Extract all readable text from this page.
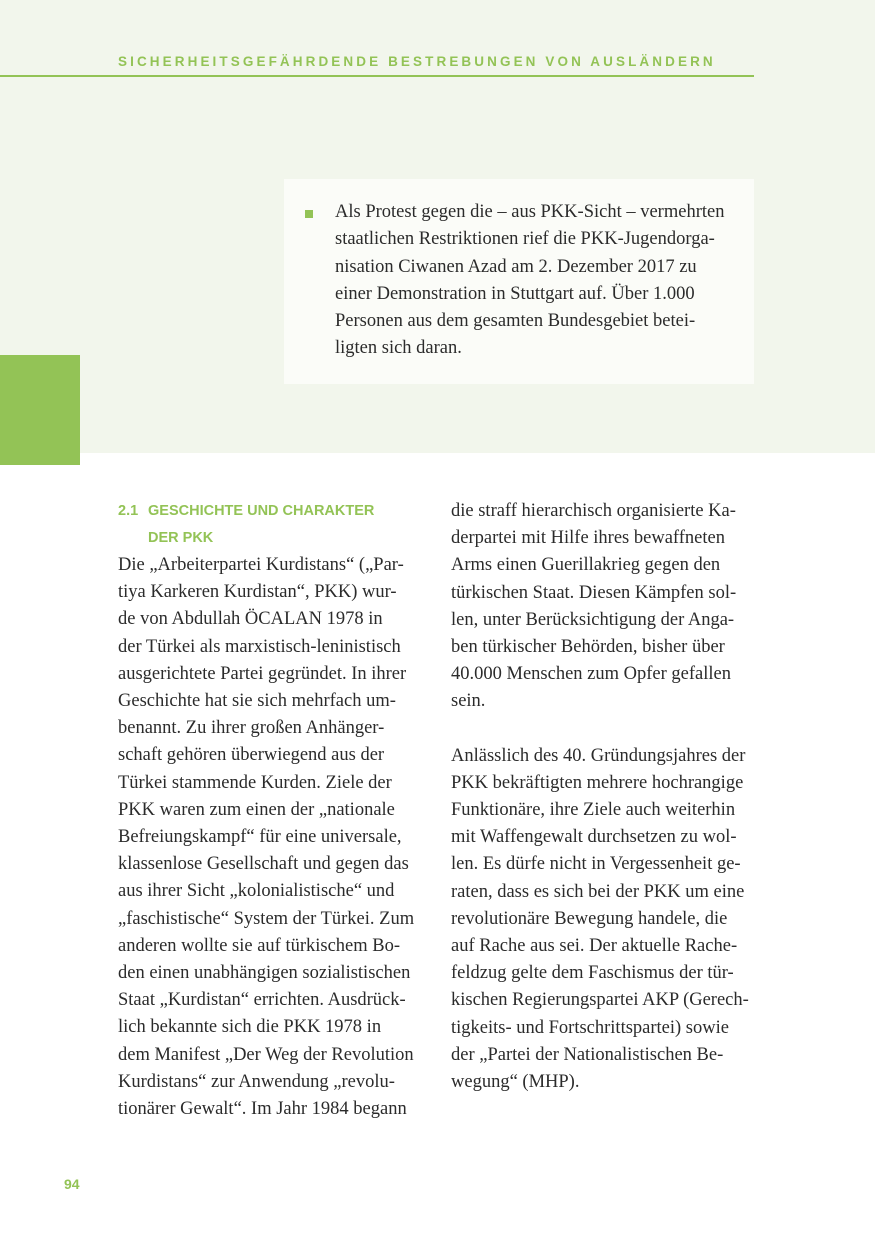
SICHERHEITSGEFÄHRDENDE BESTREBUNGEN VON AUSLÄNDERN

Als Protest gegen die – aus PKK-Sicht – vermehrten
staatlichen Restriktionen rief die PKK-Jugendorga-
nisation Ciwanen Azad am 2. Dezember 2017 zu
einer Demonstration in Stuttgart auf. Über 1.000
Personen aus dem gesamten Bundesgebiet betei-
ligten sich daran.

2.1 GESCHICHTE UND CHARAKTER
DER PKK

Die „Arbeiterpartei Kurdistans“ („Par-
tiya Karkeren Kurdistan“, PKK) wur-
de von Abdullah ÖCALAN 1978 in
der Türkei als marxistisch-leninistisch
ausgerichtete Partei gegründet. In ihrer
Geschichte hat sie sich mehrfach um-
benannt. Zu ihrer großen Anhänger-
schaft gehören überwiegend aus der
Türkei stammende Kurden. Ziele der
PKK waren zum einen der „nationale
Befreiungskampf“ für eine universale,
klassenlose Gesellschaft und gegen das
aus ihrer Sicht „kolonialistische“ und
„faschistische“ System der Türkei. Zum
anderen wollte sie auf türkischem Bo-
den einen unabhängigen sozialistischen
Staat „Kurdistan“ errichten. Ausdrück-
lich bekannte sich die PKK 1978 in
dem Manifest „Der Weg der Revolution
Kurdistans“ zur Anwendung „revolu-
tionärer Gewalt“. Im Jahr 1984 begann

die straff hierarchisch organisierte Ka-
derpartei mit Hilfe ihres bewaffneten
Arms einen Guerillakrieg gegen den
türkischen Staat. Diesen Kämpfen sol-
len, unter Berücksichtigung der Anga-
ben türkischer Behörden, bisher über
40.000 Menschen zum Opfer gefallen
sein.

Anlässlich des 40. Gründungsjahres der
PKK bekräftigten mehrere hochrangige
Funktionäre, ihre Ziele auch weiterhin
mit Waffengewalt durchsetzen zu wol-
len. Es dürfe nicht in Vergessenheit ge-
raten, dass es sich bei der PKK um eine
revolutionäre Bewegung handele, die
auf Rache aus sei. Der aktuelle Rache-
feldzug gelte dem Faschismus der tür-
kischen Regierungspartei AKP (Gerech-
tigkeits- und Fortschrittspartei) sowie
der „Partei der Nationalistischen Be-
wegung“ (MHP).

94
